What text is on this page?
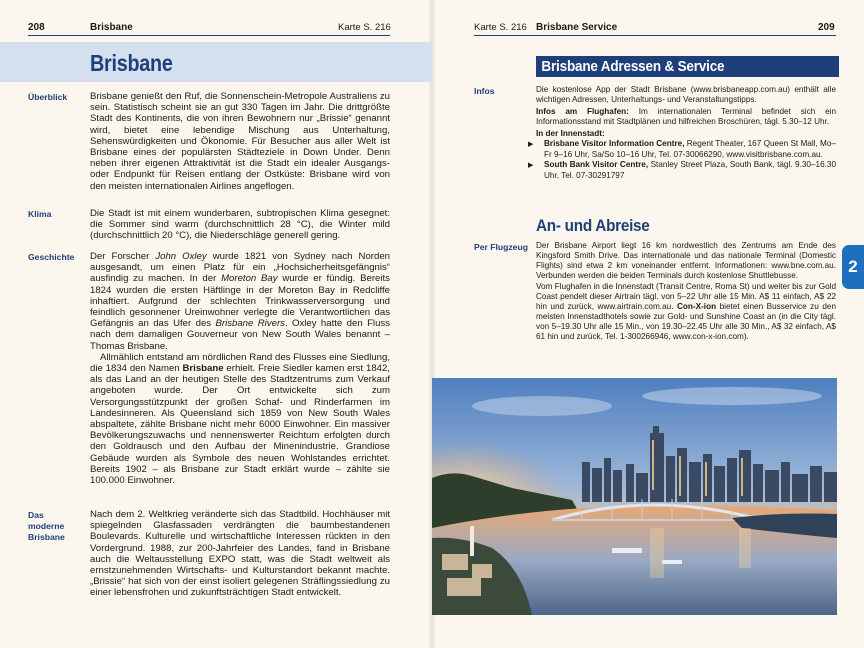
208	Brisbane	Karte S. 216
Brisbane
Überblick	Brisbane genießt den Ruf, die Sonnenschein-Metropole Australiens zu sein. Statistisch scheint sie an gut 330 Tagen im Jahr. Die drittgrößte Stadt des Kontinents, die von ihren Bewohnern nur „Brissie“ genannt wird, bietet eine lebendige Mischung aus Unterhaltung, Sehenswürdigkeiten und Ökonomie. Für Besucher aus aller Welt ist Brisbane eines der populärsten Städteziele in Down Under. Denn neben ihrer eigenen Attraktivität ist die Stadt ein idealer Ausgangs- oder Endpunkt für Reisen entlang der Ostküste: Brisbane wird von den meisten internationalen Airlines angeflogen.
Klima	Die Stadt ist mit einem wunderbaren, subtropischen Klima gesegnet: die Sommer sind warm (durchschnittlich 28 °C), die Winter mild (durchschnittlich 20 °C), die Niederschläge generell gering.
Geschichte	Der Forscher John Oxley wurde 1821 von Sydney nach Norden ausgesandt, um einen Platz für ein „Hochsicherheitsgefängnis“ ausfindig zu machen. In der Moreton Bay wurde er fündig. Bereits 1824 wurden die ersten Häftlinge in der Moreton Bay in Redcliffe inhaftiert. Aufgrund der schlechten Trinkwasserversorgung und feindlich gesonnener Ureinwohner verlegte die Verantwortlichen das Gefängnis an das Ufer des Brisbane Rivers. Oxley hatte den Fluss nach dem damaligen Gouverneur von New South Wales benannt – Thomas Brisbane.
Allmählich entstand am nördlichen Rand des Flusses eine Siedlung, die 1834 den Namen Brisbane erhielt. Freie Siedler kamen erst 1842, als das Land an der heutigen Stelle des Stadtzentrums zum Verkauf angeboten wurde. Der Ort entwickelte sich zum Versorgungsstützpunkt der großen Schaf- und Rinderfarmen im Landesinneren. Als Queensland sich 1859 von New South Wales abspaltete, zählte Brisbane nicht mehr 6000 Einwohner. Ein massiver Bevölkerungszuwachs und nennenswerter Reichtum erfolgten durch den Goldrausch und den Aufbau der Minenindustrie. Grandiose Gebäude wurden als Symbole des neuen Wohlstandes errichtet. Bereits 1902 – als Brisbane zur Stadt erklärt wurde – zählte sie 100.000 Einwohner.
Das moderne Brisbane
Nach dem 2. Weltkrieg veränderte sich das Stadtbild. Hochhäuser mit spiegelnden Glasfassaden verdrängten die baumbestandenen Boulevards. Kulturelle und wirtschaftliche Interessen rückten in den Vordergrund. 1988, zur 200-Jahrfeier des Landes, fand in Brisbane auch die Weltausstellung EXPO statt, was die Stadt weltweit als ernstzunehmenden Wirtschafts- und Kulturstandort bekannt machte. „Brissie“ hat sich von der einst isoliert gelegenen Sträflingssiedlung zu einer lebensfrohen und zukunftsträchtigen Stadt entwickelt.
Karte S. 216 Brisbane Service	209
Brisbane Adressen & Service
Infos	Die kostenlose App der Stadt Brisbane (www.brisbaneapp.com.au) enthält alle wichtigen Adressen, Unterhaltungs- und Veranstaltungstipps.
Infos am Flughafen: Im internationalen Terminal befindet sich ein Informationsstand mit Stadtplänen und hilfreichen Broschüren, tägl. 5.30–12 Uhr.
In der Innenstadt:
▶ Brisbane Visitor Information Centre, Regent Theater, 167 Queen St Mall, Mo–Fr 9–16 Uhr, Sa/So 10–16 Uhr, Tel. 07-30066290, www.visitbrisbane.com.au.
▶ South Bank Visitor Centre, Stanley Street Plaza, South Bank, tägl. 9.30–16.30 Uhr, Tel. 07-30291797
An- und Abreise
Per Flugzeug Der Brisbane Airport liegt 16 km nordwestlich des Zentrums am Ende des Kingsford Smith Drive. Das internationale und das nationale Terminal (Domestic Flights) sind etwa 2 km voneinander entfernt. Informationen: www.bne.com.au. Verbunden werden die beiden Terminals durch kostenlose Shuttlebusse.
Vom Flughafen in die Innenstadt (Transit Centre, Roma St) und weiter bis zur Gold Coast pendelt dieser Airtrain tägl. von 5–22 Uhr alle 15 Min. A$ 11 einfach, A$ 22 hin und zurück, www.airtrain.com.au. Con-X-ion bietet einen Busservice zu den meisten Innenstadthotels sowie zur Gold- und Sunshine Coast an (in die City tägl. von 5–19.30 Uhr alle 15 Min., von 19.30–22.45 Uhr alle 30 Min., A$ 32 einfach, A$ 61 hin und zurück, Tel. 1-300266946, www.con-x-ion.com).
2
